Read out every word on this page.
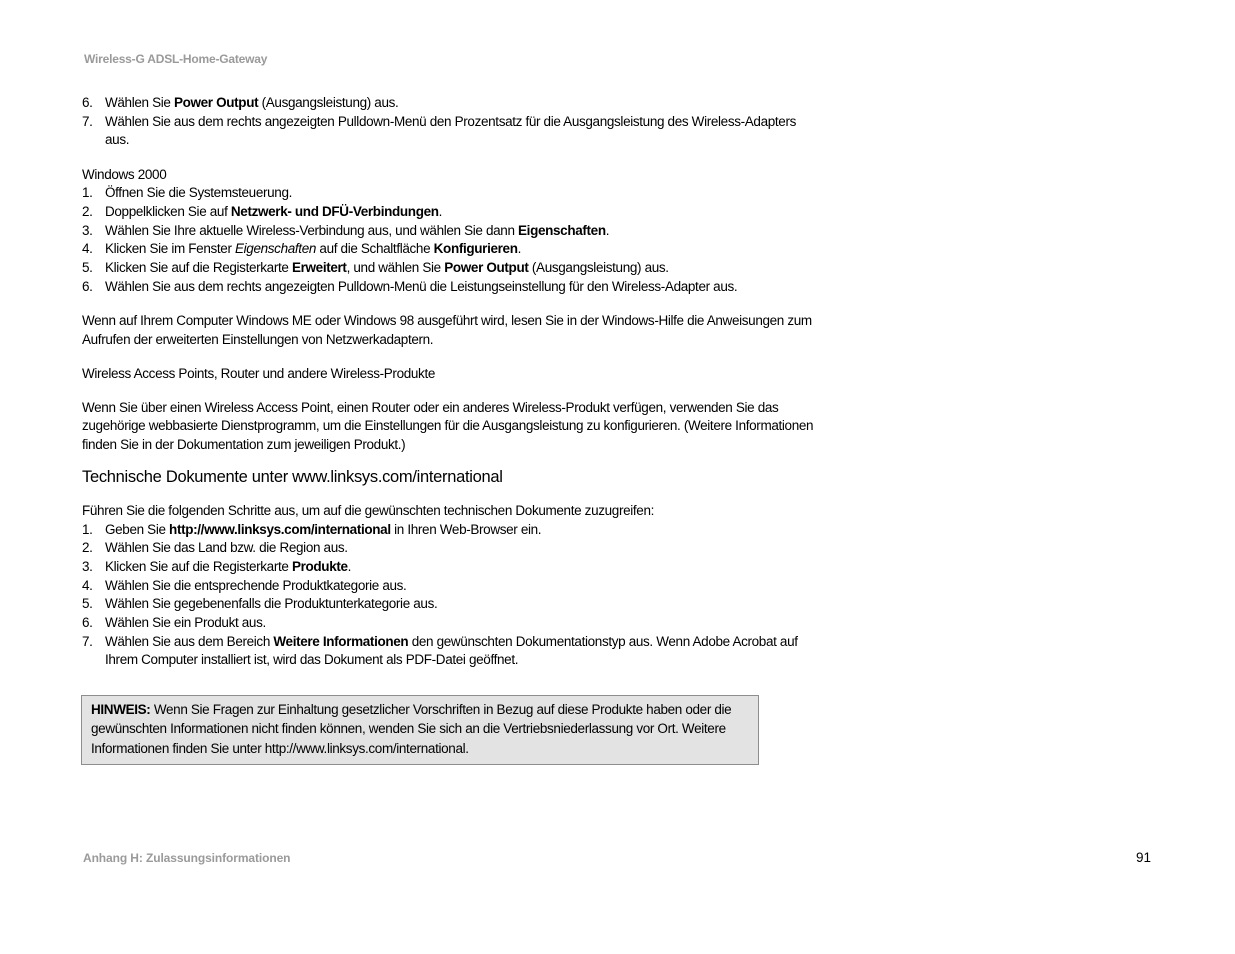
Wireless-G ADSL-Home-Gateway
6. Wählen Sie Power Output (Ausgangsleistung) aus.
7. Wählen Sie aus dem rechts angezeigten Pulldown-Menü den Prozentsatz für die Ausgangsleistung des Wireless-Adapters aus.

Windows 2000

1. Öffnen Sie die Systemsteuerung.
2. Doppelklicken Sie auf Netzwerk- und DFÜ-Verbindungen.
3. Wählen Sie Ihre aktuelle Wireless-Verbindung aus, und wählen Sie dann Eigenschaften.
4. Klicken Sie im Fenster Eigenschaften auf die Schaltfläche Konfigurieren.
5. Klicken Sie auf die Registerkarte Erweitert, und wählen Sie Power Output (Ausgangsleistung) aus.
6. Wählen Sie aus dem rechts angezeigten Pulldown-Menü die Leistungseinstellung für den Wireless-Adapter aus.

Wenn auf Ihrem Computer Windows ME oder Windows 98 ausgeführt wird, lesen Sie in der Windows-Hilfe die Anweisungen zum Aufrufen der erweiterten Einstellungen von Netzwerkadaptern.

Wireless Access Points, Router und andere Wireless-Produkte

Wenn Sie über einen Wireless Access Point, einen Router oder ein anderes Wireless-Produkt verfügen, verwenden Sie das zugehörige webbasierte Dienstprogramm, um die Einstellungen für die Ausgangsleistung zu konfigurieren. (Weitere Informationen finden Sie in der Dokumentation zum jeweiligen Produkt.)

Technische Dokumente unter www.linksys.com/international

Führen Sie die folgenden Schritte aus, um auf die gewünschten technischen Dokumente zuzugreifen:

1. Geben Sie http://www.linksys.com/international in Ihren Web-Browser ein.
2. Wählen Sie das Land bzw. die Region aus.
3. Klicken Sie auf die Registerkarte Produkte.
4. Wählen Sie die entsprechende Produktkategorie aus.
5. Wählen Sie gegebenenfalls die Produktunterkategorie aus.
6. Wählen Sie ein Produkt aus.
7. Wählen Sie aus dem Bereich Weitere Informationen den gewünschten Dokumentationstyp aus. Wenn Adobe Acrobat auf Ihrem Computer installiert ist, wird das Dokument als PDF-Datei geöffnet.
HINWEIS: Wenn Sie Fragen zur Einhaltung gesetzlicher Vorschriften in Bezug auf diese Produkte haben oder die gewünschten Informationen nicht finden können, wenden Sie sich an die Vertriebsniederlassung vor Ort. Weitere Informationen finden Sie unter http://www.linksys.com/international.
Anhang H: Zulassungsinformationen	91
